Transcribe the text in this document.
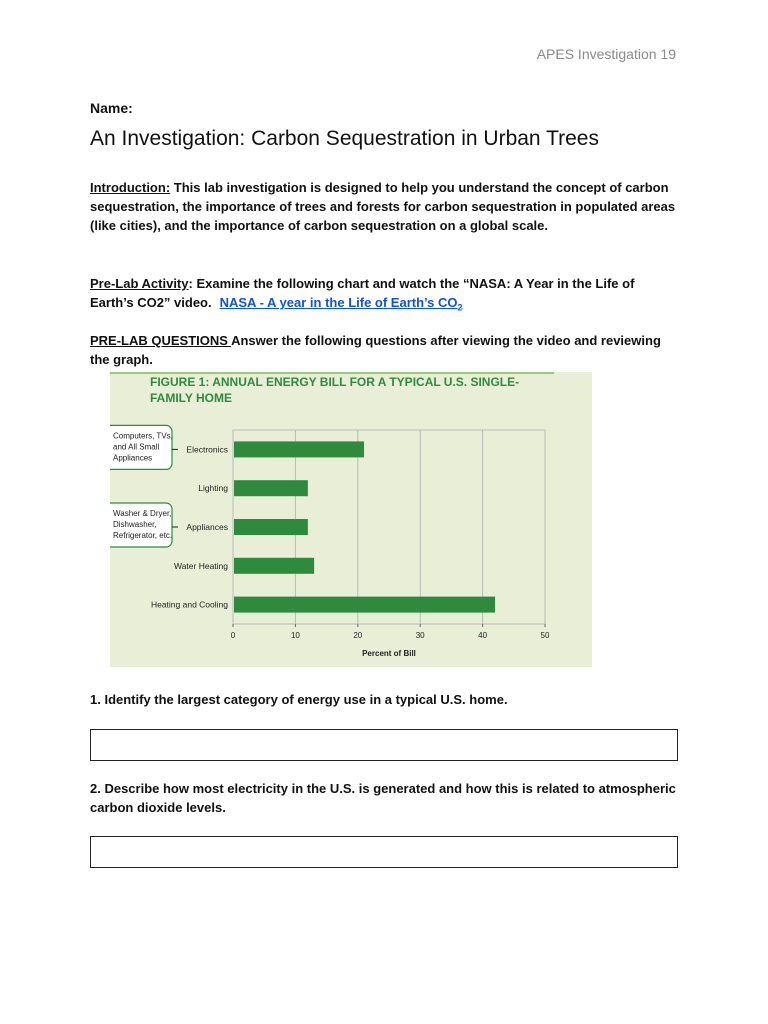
APES Investigation 19
Name:
An Investigation: Carbon Sequestration in Urban Trees

Introduction: This lab investigation is designed to help you understand the concept of carbon sequestration, the importance of trees and forests for carbon sequestration in populated areas (like cities), and the importance of carbon sequestration on a global scale.

Pre-Lab Activity: Examine the following chart and watch the “NASA: A Year in the Life of Earth’s CO2” video. NASA - A year in the Life of Earth’s $CO_2$

PRE-LAB QUESTIONS Answer the following questions after viewing the video and reviewing the graph.

FIGURE 1: ANNUAL ENERGY BILL FOR A TYPICAL U.S. SINGLE-
FAMILY HOME
0	10	20	30	40	50
Electronics
Lighting
Appliances
Water Heating
Heating and Cooling
Computers, TVs,
and All Small
Appliances
Washer & Dryer,
Dishwasher,
Refrigerator, etc.
Percent of Bill

1. Identify the largest category of energy use in a typical U.S. home.

2. Describe how most electricity in the U.S. is generated and how this is related to atmospheric carbon dioxide levels.
